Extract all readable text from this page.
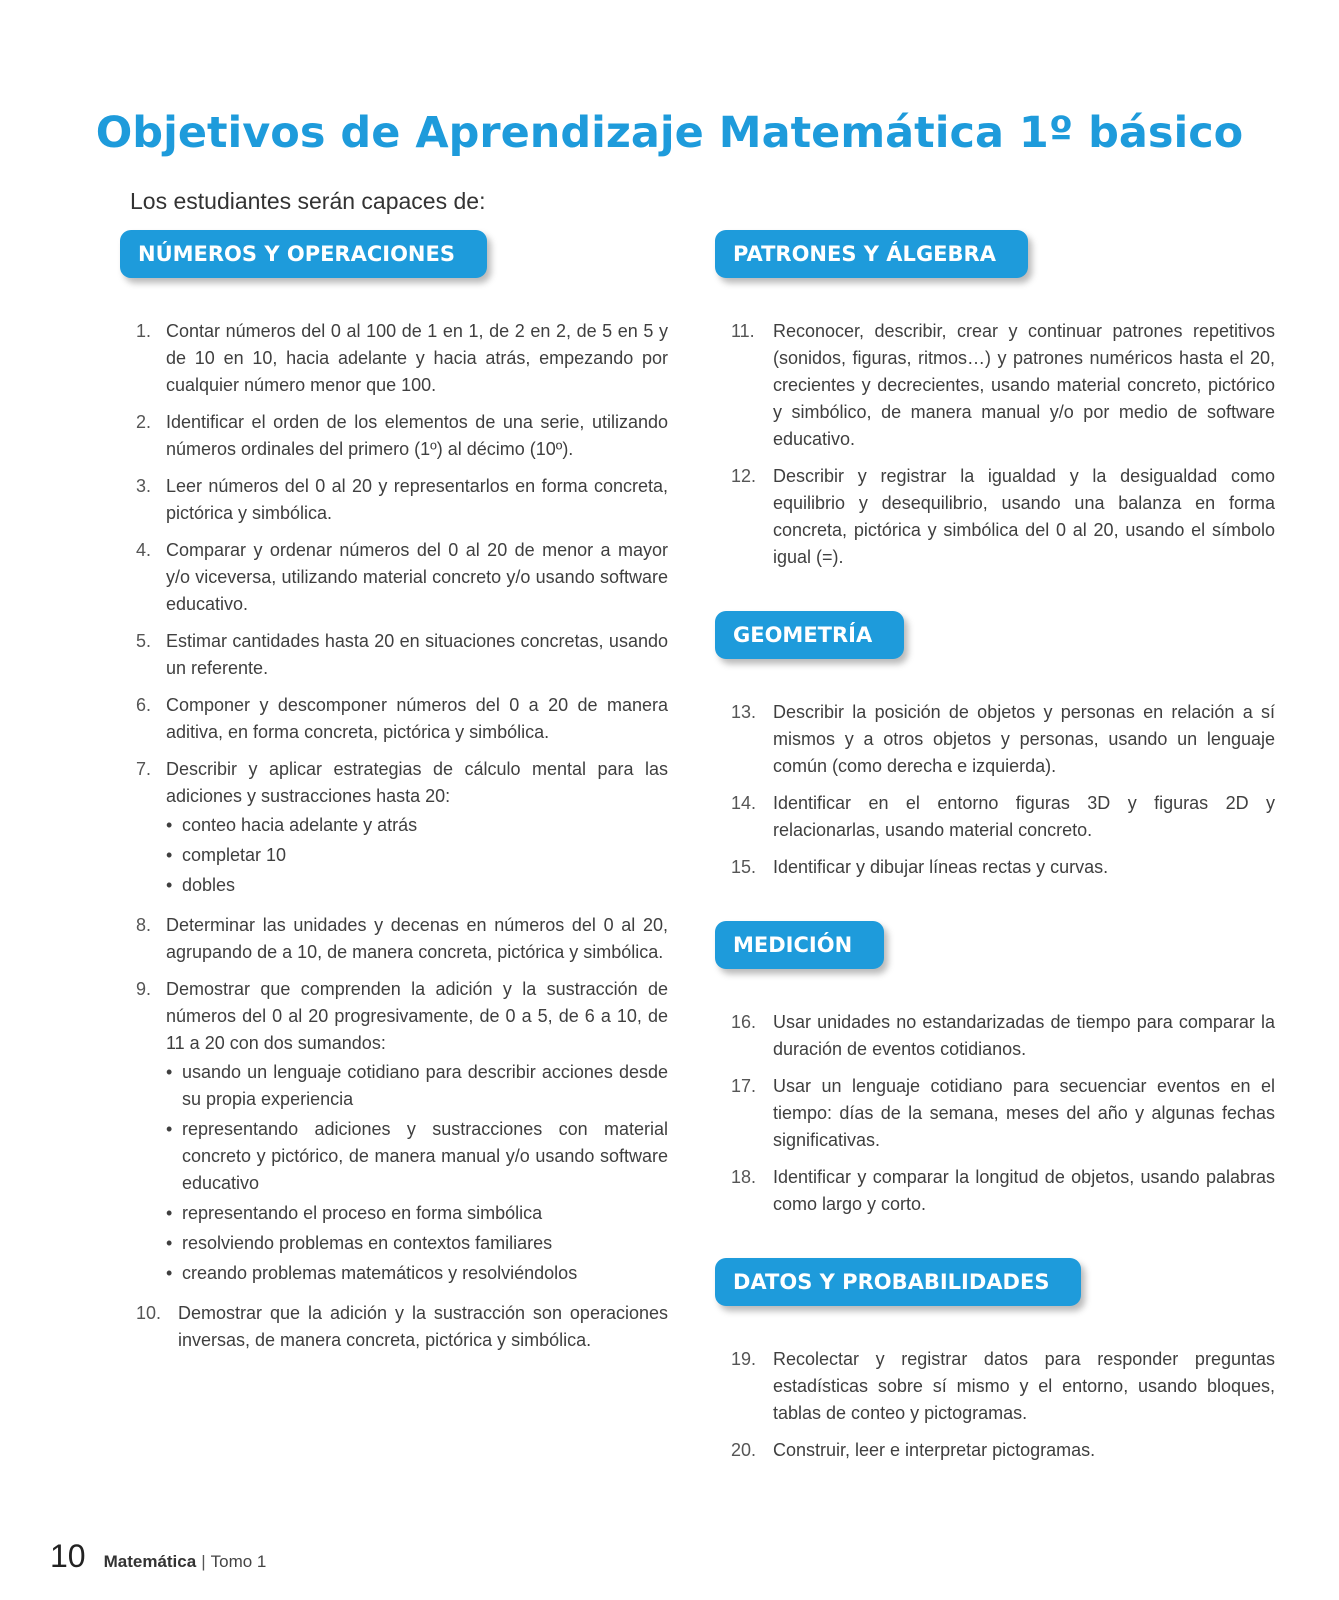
Objetivos de Aprendizaje Matemática 1º básico
Los estudiantes serán capaces de:
NÚMEROS Y OPERACIONES
1. Contar números del 0 al 100 de 1 en 1, de 2 en 2, de 5 en 5 y de 10 en 10, hacia adelante y hacia atrás, empezando por cualquier número menor que 100.
2. Identificar el orden de los elementos de una serie, utilizando números ordinales del primero (1º) al décimo (10º).
3. Leer números del 0 al 20 y representarlos en forma concreta, pictórica y simbólica.
4. Comparar y ordenar números del 0 al 20 de menor a mayor y/o viceversa, utilizando material concreto y/o usando software educativo.
5. Estimar cantidades hasta 20 en situaciones concretas, usando un referente.
6. Componer y descomponer números del 0 a 20 de manera aditiva, en forma concreta, pictórica y simbólica.
7. Describir y aplicar estrategias de cálculo mental para las adiciones y sustracciones hasta 20:
• conteo hacia adelante y atrás
• completar 10
• dobles
8. Determinar las unidades y decenas en números del 0 al 20, agrupando de a 10, de manera concreta, pictórica y simbólica.
9. Demostrar que comprenden la adición y la sustracción de números del 0 al 20 progresivamente, de 0 a 5, de 6 a 10, de 11 a 20 con dos sumandos:
• usando un lenguaje cotidiano para describir acciones desde su propia experiencia
• representando adiciones y sustracciones con material concreto y pictórico, de manera manual y/o usando software educativo
• representando el proceso en forma simbólica
• resolviendo problemas en contextos familiares
• creando problemas matemáticos y resolviéndolos
10. Demostrar que la adición y la sustracción son operaciones inversas, de manera concreta, pictórica y simbólica.
PATRONES Y ÁLGEBRA
11.	Reconocer, describir, crear y continuar patrones repetitivos (sonidos, figuras, ritmos…) y patrones numéricos hasta el 20, crecientes y decrecientes, usando material concreto, pictórico y simbólico, de manera manual y/o por medio de software educativo.
12. Describir y registrar la igualdad y la desigualdad como equilibrio y desequilibrio, usando una balanza en forma concreta, pictórica y simbólica del 0 al 20, usando el símbolo igual (=).
GEOMETRÍA
13. Describir la posición de objetos y personas en relación a sí mismos y a otros objetos y personas, usando un lenguaje común (como derecha e izquierda).
14. Identificar en el entorno figuras 3D y figuras 2D y relacionarlas, usando material concreto.
15. Identificar y dibujar líneas rectas y curvas.
MEDICIÓN
16. Usar unidades no estandarizadas de tiempo para comparar la duración de eventos cotidianos.
17. Usar un lenguaje cotidiano para secuenciar eventos en el tiempo: días de la semana, meses del año y algunas fechas significativas.
18. Identificar y comparar la longitud de objetos, usando palabras como largo y corto.
DATOS Y PROBABILIDADES
19. Recolectar y registrar datos para responder preguntas estadísticas sobre sí mismo y el entorno, usando bloques, tablas de conteo y pictogramas.
20. Construir, leer e interpretar pictogramas.
10 Matemática | Tomo 1
